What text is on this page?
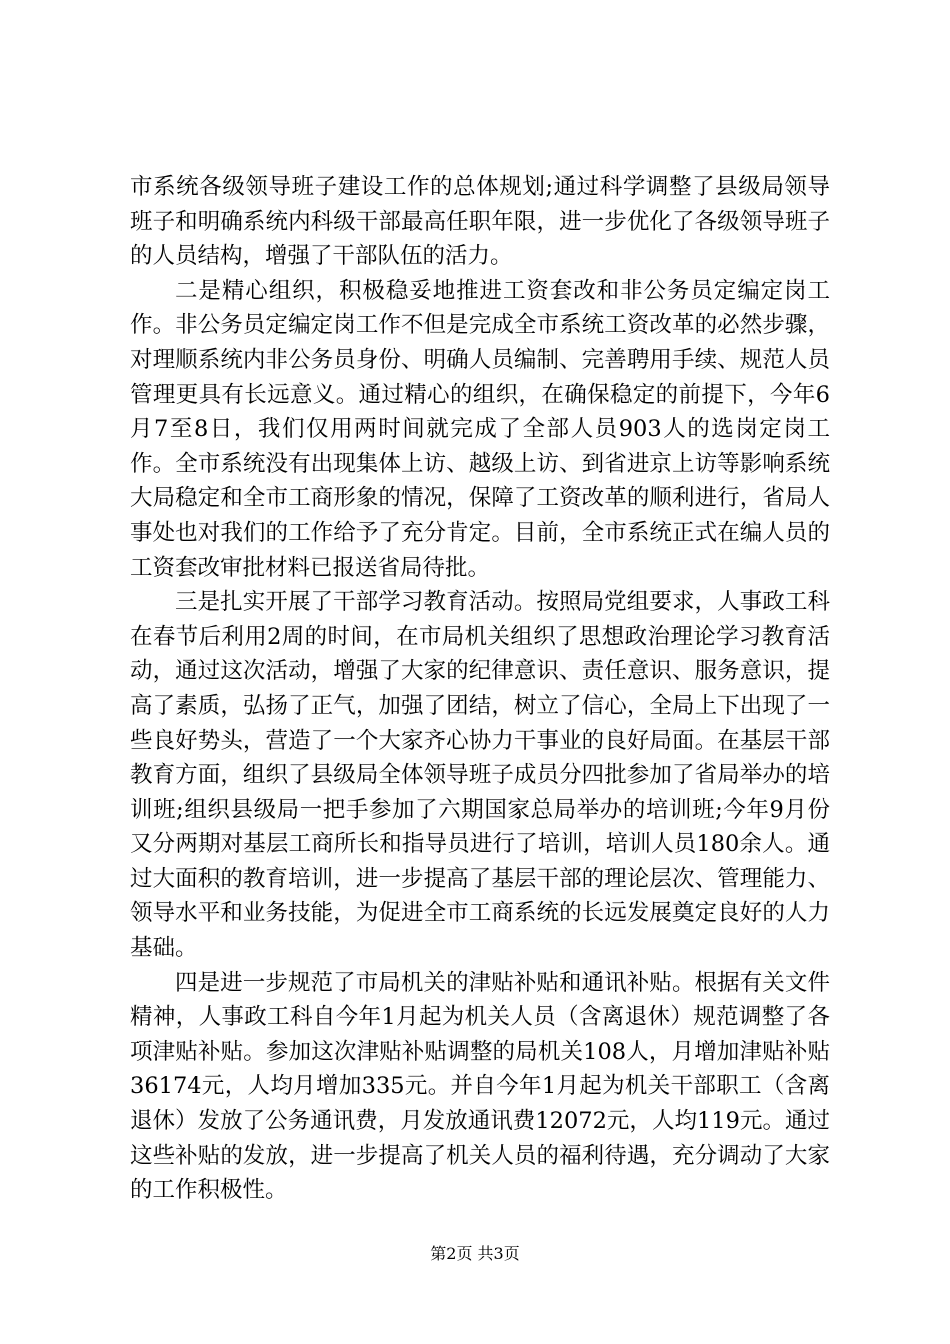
市系统各级领导班子建设工作的总体规划;通过科学调整了县级局领导班子和明确系统内科级干部最高任职年限，进一步优化了各级领导班子的人员结构，增强了干部队伍的活力。

二是精心组织，积极稳妥地推进工资套改和非公务员定编定岗工作。非公务员定编定岗工作不但是完成全市系统工资改革的必然步骤，对理顺系统内非公务员身份、明确人员编制、完善聘用手续、规范人员管理更具有长远意义。通过精心的组织，在确保稳定的前提下，今年6月7至8日，我们仅用两时间就完成了全部人员903人的选岗定岗工作。全市系统没有出现集体上访、越级上访、到省进京上访等影响系统大局稳定和全市工商形象的情况，保障了工资改革的顺利进行，省局人事处也对我们的工作给予了充分肯定。目前，全市系统正式在编人员的工资套改审批材料已报送省局待批。

三是扎实开展了干部学习教育活动。按照局党组要求，人事政工科在春节后利用2周的时间，在市局机关组织了思想政治理论学习教育活动，通过这次活动，增强了大家的纪律意识、责任意识、服务意识，提高了素质，弘扬了正气，加强了团结，树立了信心，全局上下出现了一些良好势头，营造了一个大家齐心协力干事业的良好局面。在基层干部教育方面，组织了县级局全体领导班子成员分四批参加了省局举办的培训班;组织县级局一把手参加了六期国家总局举办的培训班;今年9月份又分两期对基层工商所长和指导员进行了培训，培训人员180余人。通过大面积的教育培训，进一步提高了基层干部的理论层次、管理能力、领导水平和业务技能，为促进全市工商系统的长远发展奠定良好的人力基础。

四是进一步规范了市局机关的津贴补贴和通讯补贴。根据有关文件精神，人事政工科自今年1月起为机关人员（含离退休）规范调整了各项津贴补贴。参加这次津贴补贴调整的局机关108人，月增加津贴补贴36174元，人均月增加335元。并自今年1月起为机关干部职工（含离退休）发放了公务通讯费，月发放通讯费12072元，人均119元。通过这些补贴的发放，进一步提高了机关人员的福利待遇，充分调动了大家的工作积极性。

第2页 共3页
